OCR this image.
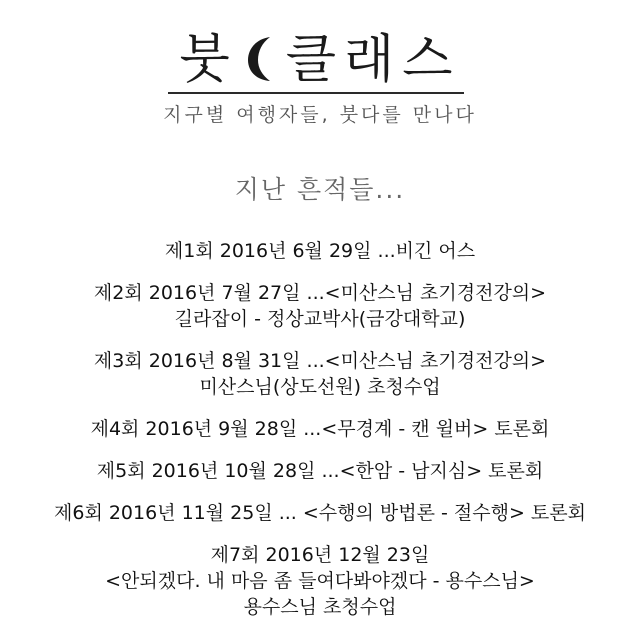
붓 클래스
지구별 여행자들, 붓다를 만나다
지난 흔적들...
제1회 2016년 6월 29일 ...비긴 어스
제2회 2016년 7월 27일 ...<미산스님 초기경전강의>
길라잡이 - 정상교박사(금강대학교)
제3회 2016년 8월 31일 ...<미산스님 초기경전강의>
미산스님(상도선원) 초청수업
제4회 2016년 9월 28일 ...<무경계 - 캔 윌버> 토론회
제5회 2016년 10월 28일 ...<한암 - 남지심> 토론회
제6회 2016년 11월 25일 ... <수행의 방법론 - 절수행> 토론회
제7회 2016년 12월 23일
<안되겠다. 내 마음 좀 들여다봐야겠다 - 용수스님>
용수스님 초청수업
